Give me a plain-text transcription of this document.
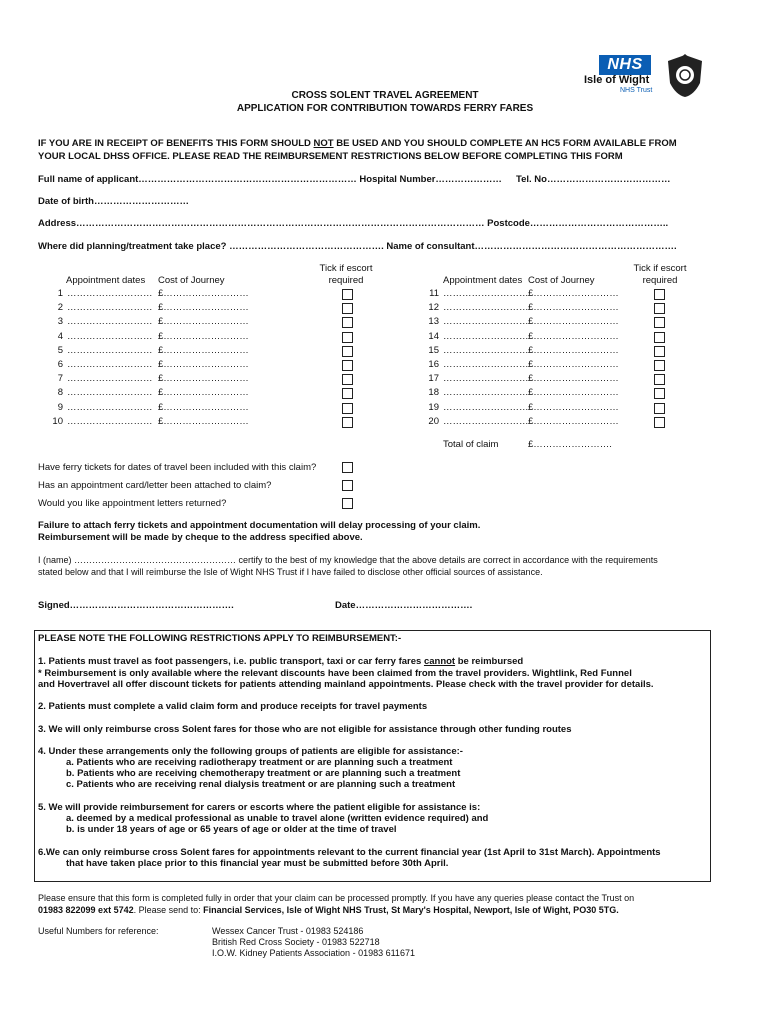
NHS
Isle of Wight
NHS Trust
CROSS SOLENT TRAVEL AGREEMENT
APPLICATION FOR CONTRIBUTION TOWARDS FERRY FARES
IF YOU ARE IN RECEIPT OF BENEFITS THIS FORM SHOULD NOT BE USED AND YOU SHOULD COMPLETE AN HC5 FORM AVAILABLE FROM
YOUR LOCAL DHSS OFFICE. PLEASE READ THE REIMBURSEMENT RESTRICTIONS BELOW BEFORE COMPLETING THIS FORM
Full name of applicant…………………………………………………………… Hospital Number………………… Tel. No…………………………………
Date of birth…………………………
Address………………………………………………………………………………………………………………… Postcode……………………………………..
Where did planning/treatment take place? …………………………………………. Name of consultant……………………………………………………….
Appointment dates Cost of Journey
Tick if escort
required	Appointment dates Cost of Journey
Tick if escort
required
1 ……………………… £………………………
2 ……………………… £………………………
3 ……………………… £………………………
4 ……………………… £………………………
5 ……………………… £………………………
6 ……………………… £………………………
7 ……………………… £………………………
8 ……………………… £………………………
9 ……………………… £………………………
10 ……………………… £………………………
11 ……………………… £………………………
12 ……………………… £………………………
13 ……………………… £………………………
14 ……………………… £………………………
15 ……………………… £………………………
16 ……………………… £………………………
17 ……………………… £………………………
18 ……………………… £………………………
19 ……………………… £………………………
20 ……………………… £………………………
Total of claim	£…………………….
Have ferry tickets for dates of travel been included with this claim?
Has an appointment card/letter been attached to claim?
Would you like appointment letters returned?
Failure to attach ferry tickets and appointment documentation will delay processing of your claim.
Reimbursement will be made by cheque to the address specified above.
I (name) ……………………………………………… certify to the best of my knowledge that the above details are correct in accordance with the requirements
stated below and that I will reimburse the Isle of Wight NHS Trust if I have failed to disclose other official sources of assistance.
Signed…………………………………………….	Date……………………………….
PLEASE NOTE THE FOLLOWING RESTRICTIONS APPLY TO REIMBURSEMENT:-
1. Patients must travel as foot passengers, i.e. public transport, taxi or car ferry fares cannot be reimbursed
* Reimbursement is only available where the relevant discounts have been claimed from the travel providers. Wightlink, Red Funnel
and Hovertravel all offer discount tickets for patients attending mainland appointments. Please check with the travel provider for details.
2. Patients must complete a valid claim form and produce receipts for travel payments
3. We will only reimburse cross Solent fares for those who are not eligible for assistance through other funding routes
4. Under these arrangements only the following groups of patients are eligible for assistance:-
a. Patients who are receiving radiotherapy treatment or are planning such a treatment
b. Patients who are receiving chemotherapy treatment or are planning such a treatment
c. Patients who are receiving renal dialysis treatment or are planning such a treatment
5. We will provide reimbursement for carers or escorts where the patient eligible for assistance is:
a. deemed by a medical professional as unable to travel alone (written evidence required) and
b. is under 18 years of age or 65 years of age or older at the time of travel
6.We can only reimburse cross Solent fares for appointments relevant to the current financial year (1st April to 31st March). Appointments
that have taken place prior to this financial year must be submitted before 30th April.
Please ensure that this form is completed fully in order that your claim can be processed promptly. If you have any queries please contact the Trust on
01983 822099 ext 5742. Please send to: Financial Services, Isle of Wight NHS Trust, St Mary's Hospital, Newport, Isle of Wight, PO30 5TG.
Useful Numbers for reference:	Wessex Cancer Trust - 01983 524186
British Red Cross Society - 01983 522718
I.O.W. Kidney Patients Association - 01983 611671
